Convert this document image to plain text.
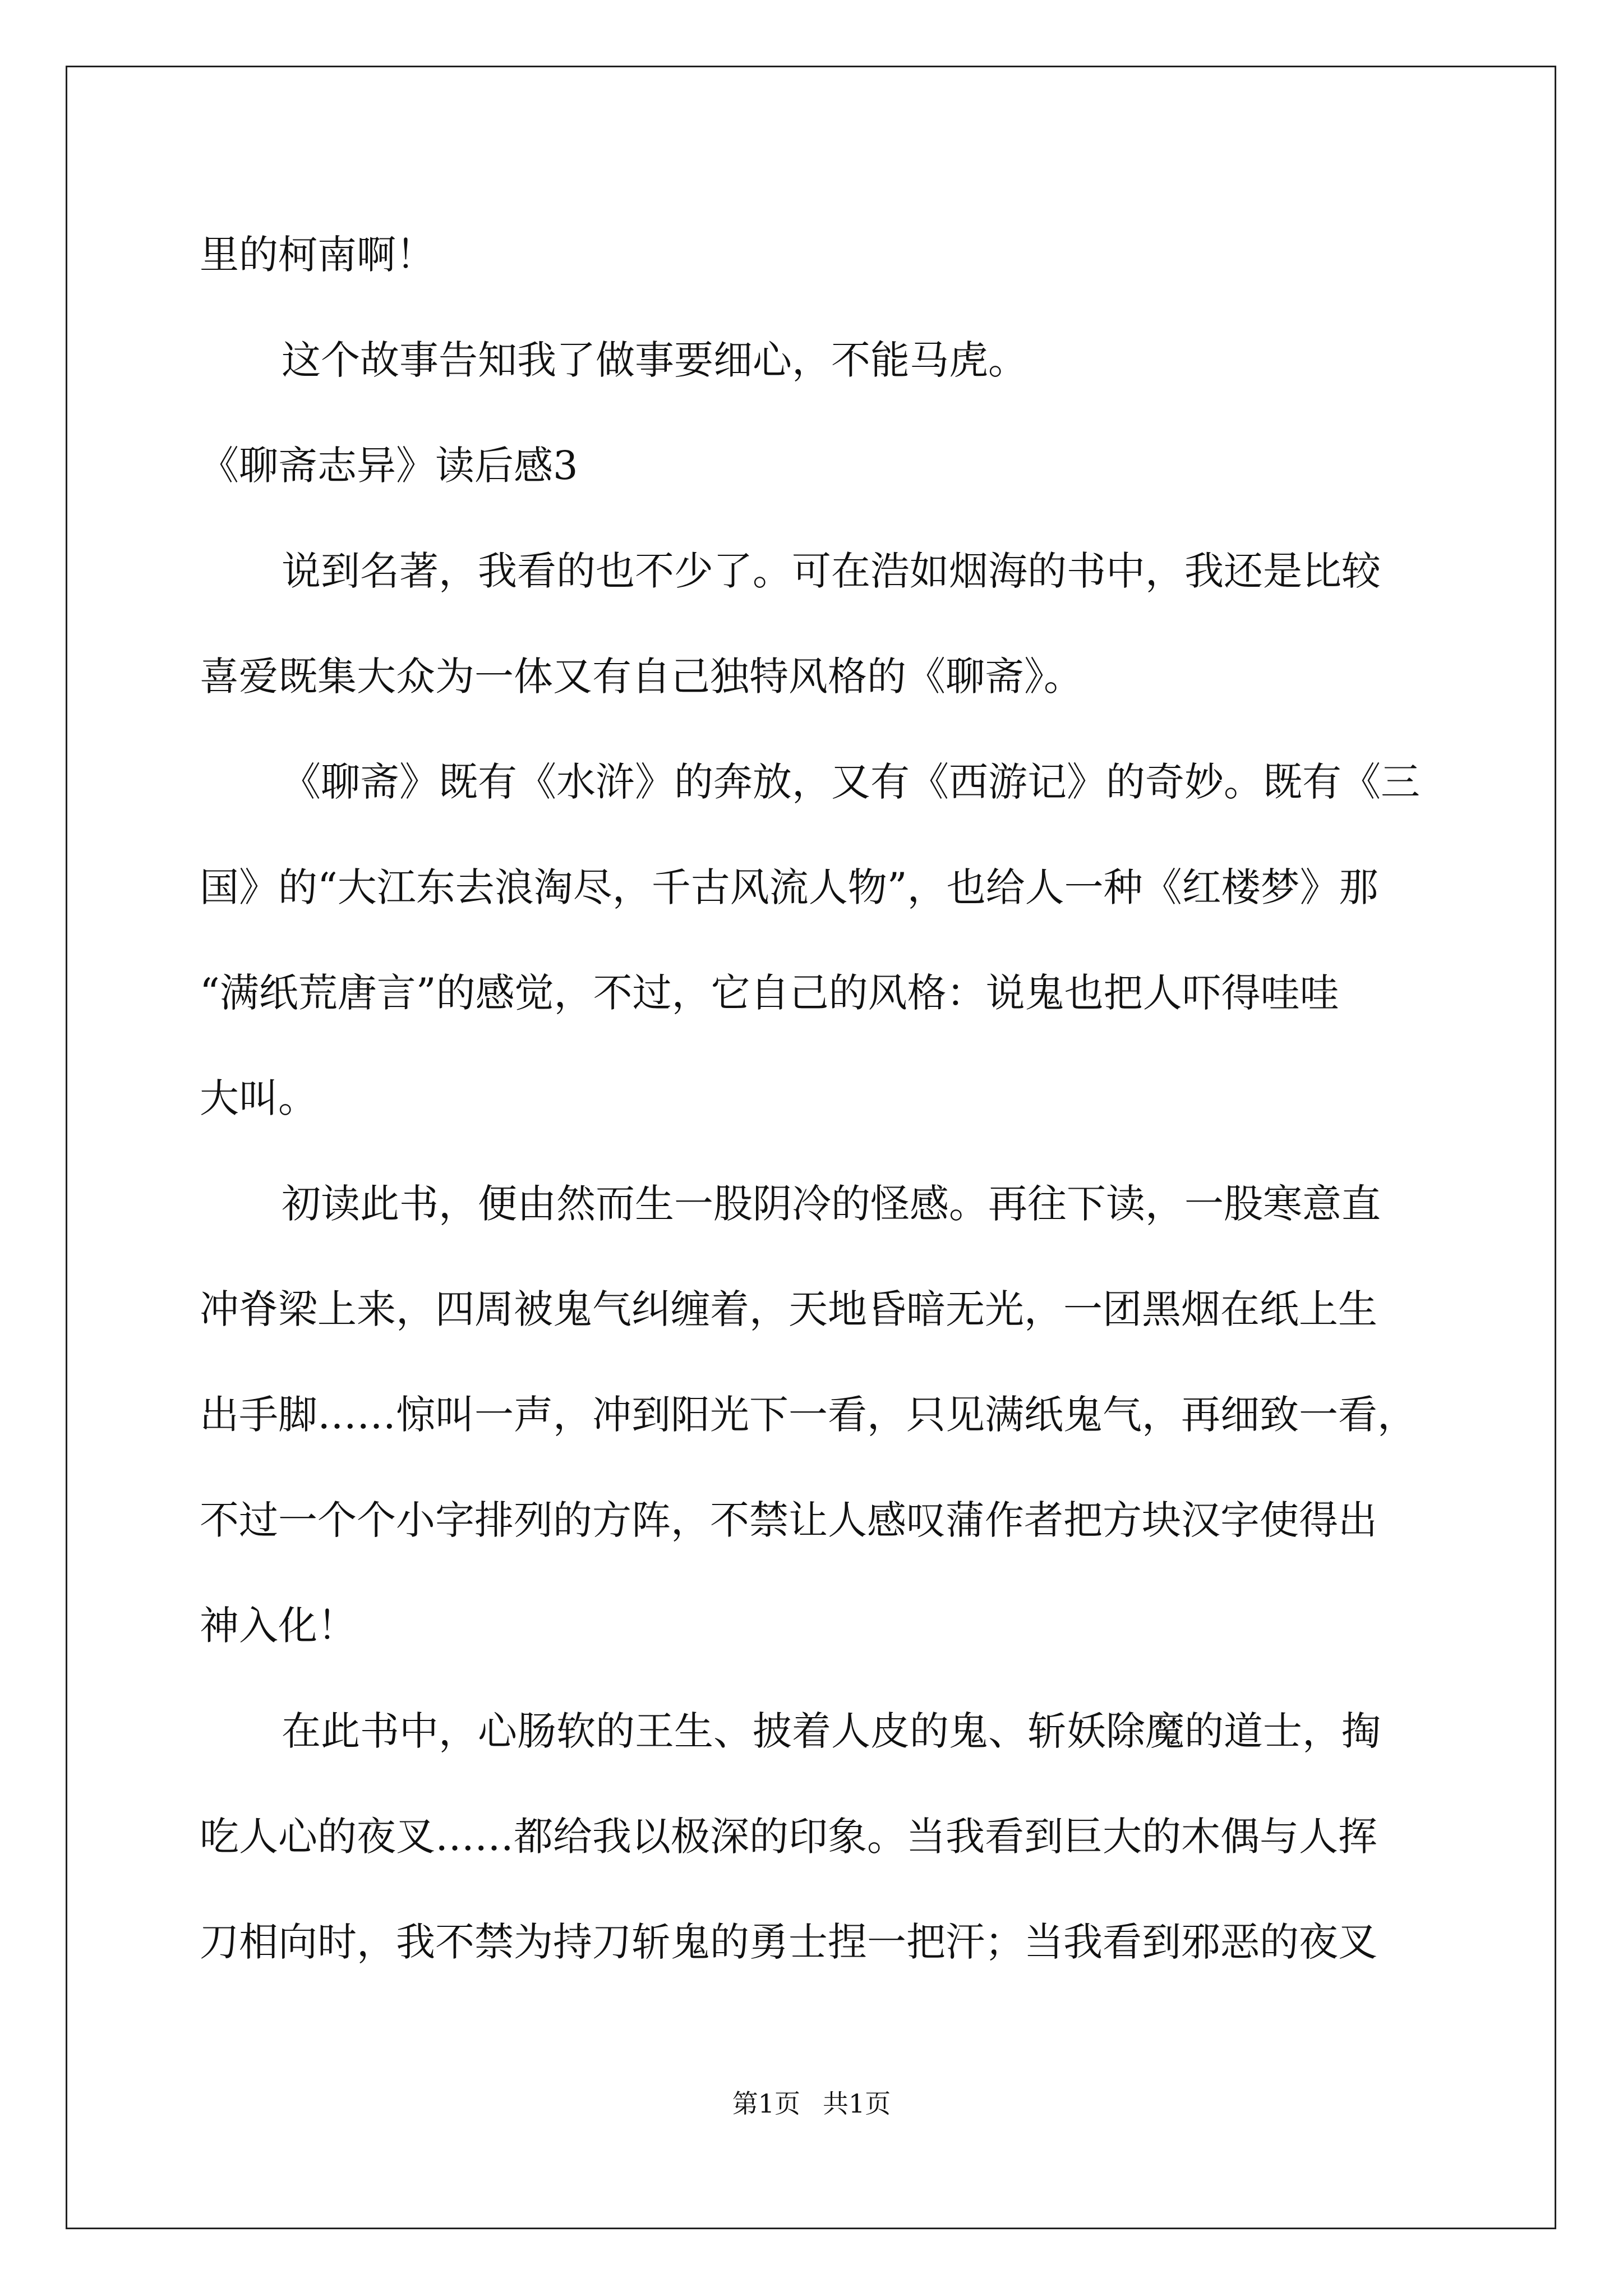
里的柯南啊！
这个故事告知我了做事要细心，不能马虎。
《聊斋志异》读后感3
说到名著，我看的也不少了。可在浩如烟海的书中，我还是比较
喜爱既集大众为一体又有自己独特风格的《聊斋》。
《聊斋》既有《水浒》的奔放，又有《西游记》的奇妙。既有《三
国》的“大江东去浪淘尽，千古风流人物”，也给人一种《红楼梦》那
“满纸荒唐言”的感觉，不过，它自己的风格：说鬼也把人吓得哇哇
大叫。
初读此书，便由然而生一股阴冷的怪感。再往下读，一股寒意直
冲脊梁上来，四周被鬼气纠缠着，天地昏暗无光，一团黑烟在纸上生
出手脚……惊叫一声，冲到阳光下一看，只见满纸鬼气，再细致一看，
不过一个个小字排列的方阵，不禁让人感叹蒲作者把方块汉字使得出
神入化！
在此书中，心肠软的王生、披着人皮的鬼、斩妖除魔的道士，掏
吃人心的夜叉……都给我以极深的印象。当我看到巨大的木偶与人挥
刀相向时，我不禁为持刀斩鬼的勇士捏一把汗；当我看到邪恶的夜叉
第1页 共1页
